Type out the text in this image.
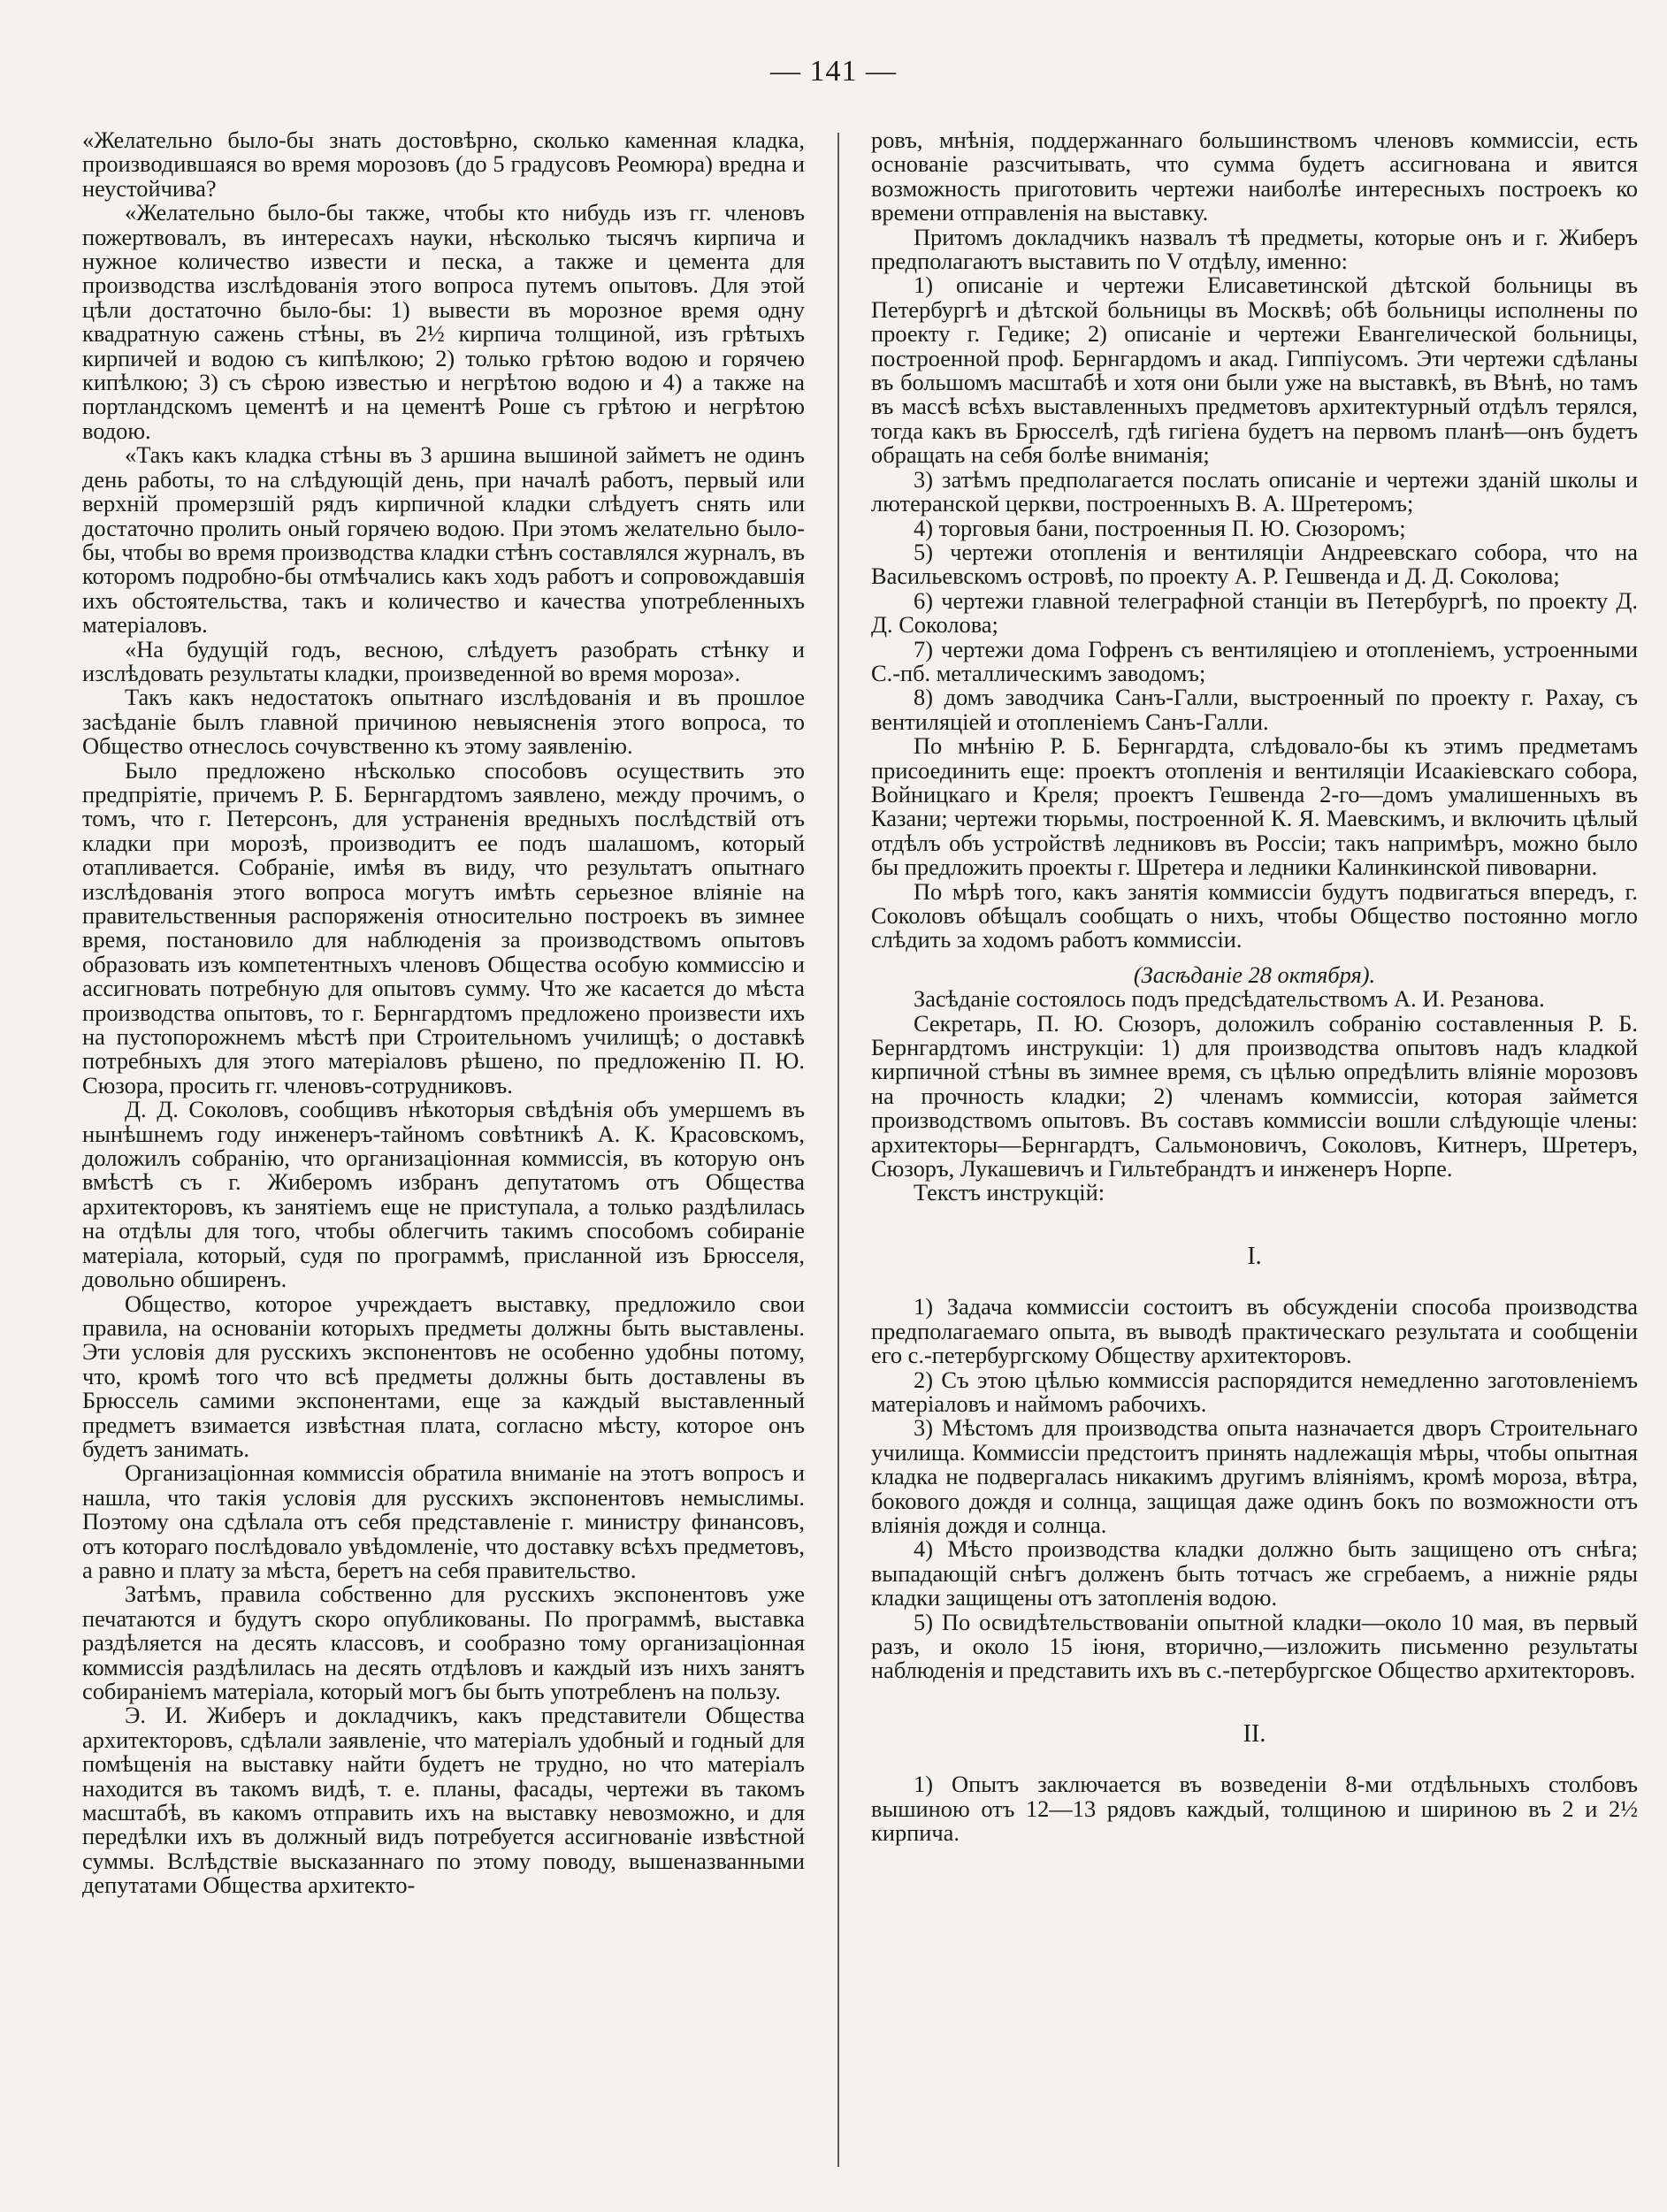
— 141 —

«Желательно было-бы знать достовѣрно, сколько каменная кладка, производившаяся во время морозовъ (до 5 градусовъ Реомюра) вредна и неустойчива?

«Желательно было-бы также, чтобы кто нибудь изъ гг. членовъ пожертвовалъ, въ интересахъ науки, нѣсколько тысячъ кирпича и нужное количество извести и песка, а также и цемента для производства изслѣдованія этого вопроса путемъ опытовъ. Для этой цѣли достаточно было-бы: 1) вывести въ морозное время одну квадратную сажень стѣны, въ 2½ кирпича толщиной, изъ грѣтыхъ кирпичей и водою съ кипѣлкою; 2) только грѣтою водою и горячею кипѣлкою; 3) съ сѣрою известью и негрѣтою водою и 4) а также на портландскомъ цементѣ и на цементѣ Роше съ грѣтою и негрѣтою водою.

«Такъ какъ кладка стѣны въ 3 аршина вышиной займетъ не одинъ день работы, то на слѣдующій день, при началѣ работъ, первый или верхній промерзшій рядъ кирпичной кладки слѣдуетъ снять или достаточно пролить оный горячею водою. При этомъ желательно было-бы, чтобы во время производства кладки стѣнъ составлялся журналъ, въ которомъ подробно-бы отмѣчались какъ ходъ работъ и сопровождавшія ихъ обстоятельства, такъ и количество и качества употребленныхъ матеріаловъ.

«На будущій годъ, весною, слѣдуетъ разобрать стѣнку и изслѣдовать результаты кладки, произведенной во время мороза».

Такъ какъ недостатокъ опытнаго изслѣдованія и въ прошлое засѣданіе былъ главной причиною невыясненія этого вопроса, то Общество отнеслось сочувственно къ этому заявленію.

Было предложено нѣсколько способовъ осуществить это предпріятіе, причемъ Р. Б. Бернгардтомъ заявлено, между прочимъ, о томъ, что г. Петерсонъ, для устраненія вредныхъ послѣдствій отъ кладки при морозѣ, производитъ ее подъ шалашомъ, который отапливается. Собраніе, имѣя въ виду, что результатъ опытнаго изслѣдованія этого вопроса могутъ имѣть серьезное вліяніе на правительственныя распоряженія относительно построекъ въ зимнее время, постановило для наблюденія за производствомъ опытовъ образовать изъ компетентныхъ членовъ Общества особую коммиссію и ассигновать потребную для опытовъ сумму. Что же касается до мѣста производства опытовъ, то г. Бернгардтомъ предложено произвести ихъ на пустопорожнемъ мѣстѣ при Строительномъ училищѣ; о доставкѣ потребныхъ для этого матеріаловъ рѣшено, по предложенію П. Ю. Сюзора, просить гг. членовъ-сотрудниковъ.

Д. Д. Соколовъ, сообщивъ нѣкоторыя свѣдѣнія объ умершемъ въ нынѣшнемъ году инженеръ-тайномъ совѣтникѣ А. К. Красовскомъ, доложилъ собранію, что организаціонная коммиссія, въ которую онъ вмѣстѣ съ г. Жиберомъ избранъ депутатомъ отъ Общества архитекторовъ, къ занятіемъ еще не приступала, а только раздѣлилась на отдѣлы для того, чтобы облегчить такимъ способомъ собираніе матеріала, который, судя по программѣ, присланной изъ Брюсселя, довольно обширенъ.

Общество, которое учреждаетъ выставку, предложило свои правила, на основаніи которыхъ предметы должны быть выставлены. Эти условія для русскихъ экспонентовъ не особенно удобны потому, что, кромѣ того что всѣ предметы должны быть доставлены въ Брюссель самими экспонентами, еще за каждый выставленный предметъ взимается извѣстная плата, согласно мѣсту, которое онъ будетъ занимать.

Организаціонная коммиссія обратила вниманіе на этотъ вопросъ и нашла, что такія условія для русскихъ экспонентовъ немыслимы. Поэтому она сдѣлала отъ себя представленіе г. министру финансовъ, отъ котораго послѣдовало увѣдомленіе, что доставку всѣхъ предметовъ, а равно и плату за мѣста, беретъ на себя правительство.

Затѣмъ, правила собственно для русскихъ экспонентовъ уже печатаются и будутъ скоро опубликованы. По программѣ, выставка раздѣляется на десять классовъ, и сообразно тому организаціонная коммиссія раздѣлилась на десять отдѣловъ и каждый изъ нихъ занятъ собираніемъ матеріала, который могъ бы быть употребленъ на пользу.

Э. И. Жиберъ и докладчикъ, какъ представители Общества архитекторовъ, сдѣлали заявленіе, что матеріалъ удобный и годный для помѣщенія на выставку найти будетъ не трудно, но что матеріалъ находится въ такомъ видѣ, т. е. планы, фасады, чертежи въ такомъ масштабѣ, въ какомъ отправить ихъ на выставку невозможно, и для передѣлки ихъ въ должный видъ потребуется ассигнованіе извѣстной суммы. Вслѣдствіе высказаннаго по этому поводу, вышеназванными депутатами Общества архитекто-

ровъ, мнѣнія, поддержаннаго большинствомъ членовъ коммиссіи, есть основаніе разсчитывать, что сумма будетъ ассигнована и явится возможность приготовить чертежи наиболѣе интересныхъ построекъ ко времени отправленія на выставку.

Притомъ докладчикъ назвалъ тѣ предметы, которые онъ и г. Жиберъ предполагаютъ выставить по V отдѣлу, именно:

1) описаніе и чертежи Елисаветинской дѣтской больницы въ Петербургѣ и дѣтской больницы въ Москвѣ; обѣ больницы исполнены по проекту г. Гедике; 2) описаніе и чертежи Евангелической больницы, построенной проф. Бернгардомъ и акад. Гиппіусомъ. Эти чертежи сдѣланы въ большомъ масштабѣ и хотя они были уже на выставкѣ, въ Вѣнѣ, но тамъ въ массѣ всѣхъ выставленныхъ предметовъ архитектурный отдѣлъ терялся, тогда какъ въ Брюсселѣ, гдѣ гигіена будетъ на первомъ планѣ—онъ будетъ обращать на себя болѣе вниманія;

3) затѣмъ предполагается послать описаніе и чертежи зданій школы и лютеранской церкви, построенныхъ В. А. Шретеромъ;

4) торговыя бани, построенныя П. Ю. Сюзоромъ;

5) чертежи отопленія и вентиляціи Андреевскаго собора, что на Васильевскомъ островѣ, по проекту А. Р. Гешвенда и Д. Д. Соколова;

6) чертежи главной телеграфной станціи въ Петербургѣ, по проекту Д. Д. Соколова;

7) чертежи дома Гофренъ съ вентиляціею и отопленіемъ, устроенными С.-пб. металлическимъ заводомъ;

8) домъ заводчика Санъ-Галли, выстроенный по проекту г. Рахау, съ вентиляціей и отопленіемъ Санъ-Галли.

По мнѣнію Р. Б. Бернгардта, слѣдовало-бы къ этимъ предметамъ присоединить еще: проектъ отопленія и вентиляціи Исаакіевскаго собора, Войницкаго и Креля; проектъ Гешвенда 2-го—домъ умалишенныхъ въ Казани; чертежи тюрьмы, построенной К. Я. Маевскимъ, и включить цѣлый отдѣлъ объ устройствѣ ледниковъ въ Россіи; такъ напримѣръ, можно было бы предложить проекты г. Шретера и ледники Калинкинской пивоварни.

По мѣрѣ того, какъ занятія коммиссіи будутъ подвигаться впередъ, г. Соколовъ обѣщалъ сообщать о нихъ, чтобы Общество постоянно могло слѣдить за ходомъ работъ коммиссіи.

(Засѣданіе 28 октября).

Засѣданіе состоялось подъ предсѣдательствомъ А. И. Резанова.

Секретарь, П. Ю. Сюзоръ, доложилъ собранію составленныя Р. Б. Бернгардтомъ инструкціи: 1) для производства опытовъ надъ кладкой кирпичной стѣны въ зимнее время, съ цѣлью опредѣлить вліяніе морозовъ на прочность кладки; 2) членамъ коммиссіи, которая займется производствомъ опытовъ. Въ составъ коммиссіи вошли слѣдующіе члены: архитекторы—Бернгардтъ, Сальмоновичъ, Соколовъ, Китнеръ, Шретеръ, Сюзоръ, Лукашевичъ и Гильтебрандтъ и инженеръ Норпе.

Текстъ инструкцій:

I.

1) Задача коммиссіи состоитъ въ обсужденіи способа производства предполагаемаго опыта, въ выводѣ практическаго результата и сообщеніи его с.-петербургскому Обществу архитекторовъ.

2) Съ этою цѣлью коммиссія распорядится немедленно заготовленіемъ матеріаловъ и наймомъ рабочихъ.

3) Мѣстомъ для производства опыта назначается дворъ Строительнаго училища. Коммиссіи предстоитъ принять надлежащія мѣры, чтобы опытная кладка не подвергалась никакимъ другимъ вліяніямъ, кромѣ мороза, вѣтра, бокового дождя и солнца, защищая даже одинъ бокъ по возможности отъ вліянія дождя и солнца.

4) Мѣсто производства кладки должно быть защищено отъ снѣга; выпадающій снѣгъ долженъ быть тотчасъ же сгребаемъ, а нижніе ряды кладки защищены отъ затопленія водою.

5) По освидѣтельствованіи опытной кладки—около 10 мая, въ первый разъ, и около 15 іюня, вторично,—изложить письменно результаты наблюденія и представить ихъ въ с.-петербургское Общество архитекторовъ.

II.

1) Опытъ заключается въ возведеніи 8-ми отдѣльныхъ столбовъ вышиною отъ 12—13 рядовъ каждый, толщиною и шириною въ 2 и 2½ кирпича.
